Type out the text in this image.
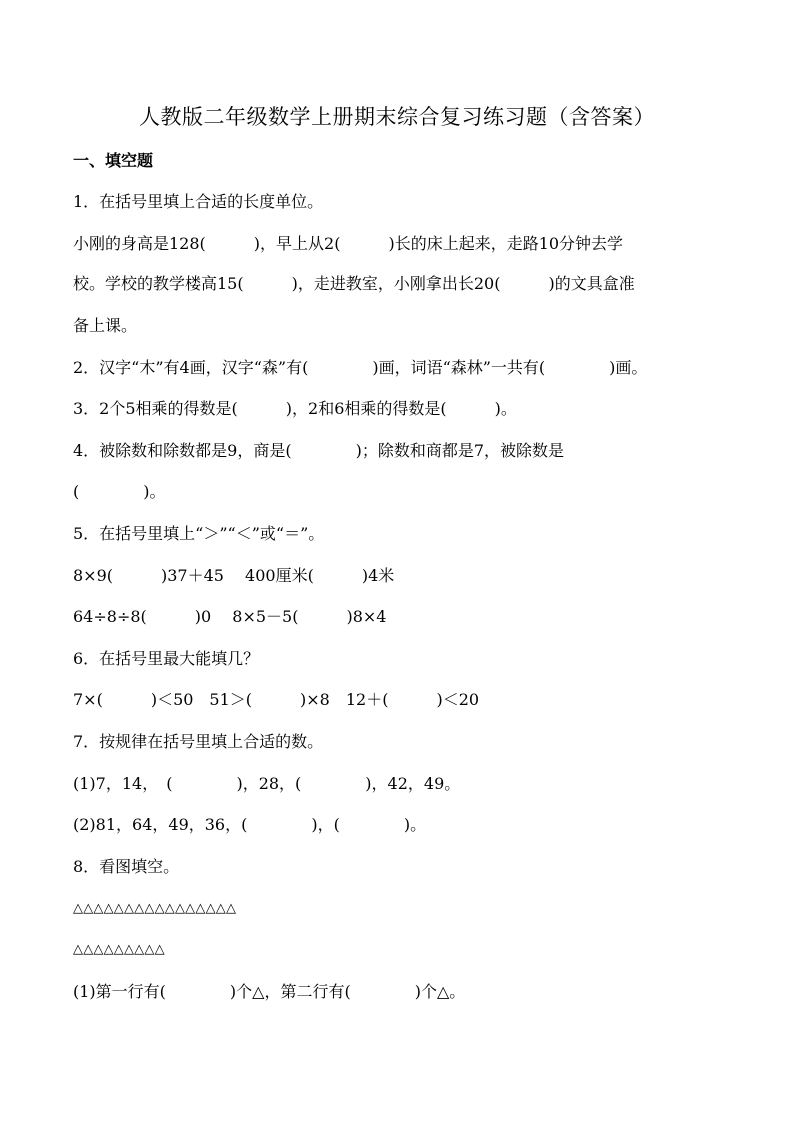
人教版二年级数学上册期末综合复习练习题（含答案）
一、填空题
1．在括号里填上合适的长度单位。
小刚的身高是128(　　　)，早上从2(　　　)长的床上起来，走路10分钟去学
校。学校的教学楼高15(　　　)，走进教室，小刚拿出长20(　　　)的文具盒准
备上课。
2．汉字“木”有4画，汉字“森”有(　　　　)画，词语“森林”一共有(　　　　)画。
3．2个5相乘的得数是(　　　)，2和6相乘的得数是(　　　)。
4．被除数和除数都是9，商是(　　　　)；除数和商都是7，被除数是
(　　　　)。
5．在括号里填上“＞”“＜”或“＝”。
8×9(　　　)37＋45　 400厘米(　　　)4米
64÷8÷8(　　　)0　 8×5－5(　　　)8×4
6．在括号里最大能填几？
7×(　　　)＜50　51＞(　　　)×8　12＋(　　　)＜20
7．按规律在括号里填上合适的数。
(1)7，14，　(　　　　)，28，(　　　　)，42，49。
(2)81，64，49，36，(　　　　)，(　　　　)。
8．看图填空。
△△△△△△△△△△△△△△△△
△△△△△△△△△
(1)第一行有(　　　　)个△，第二行有(　　　　)个△。
